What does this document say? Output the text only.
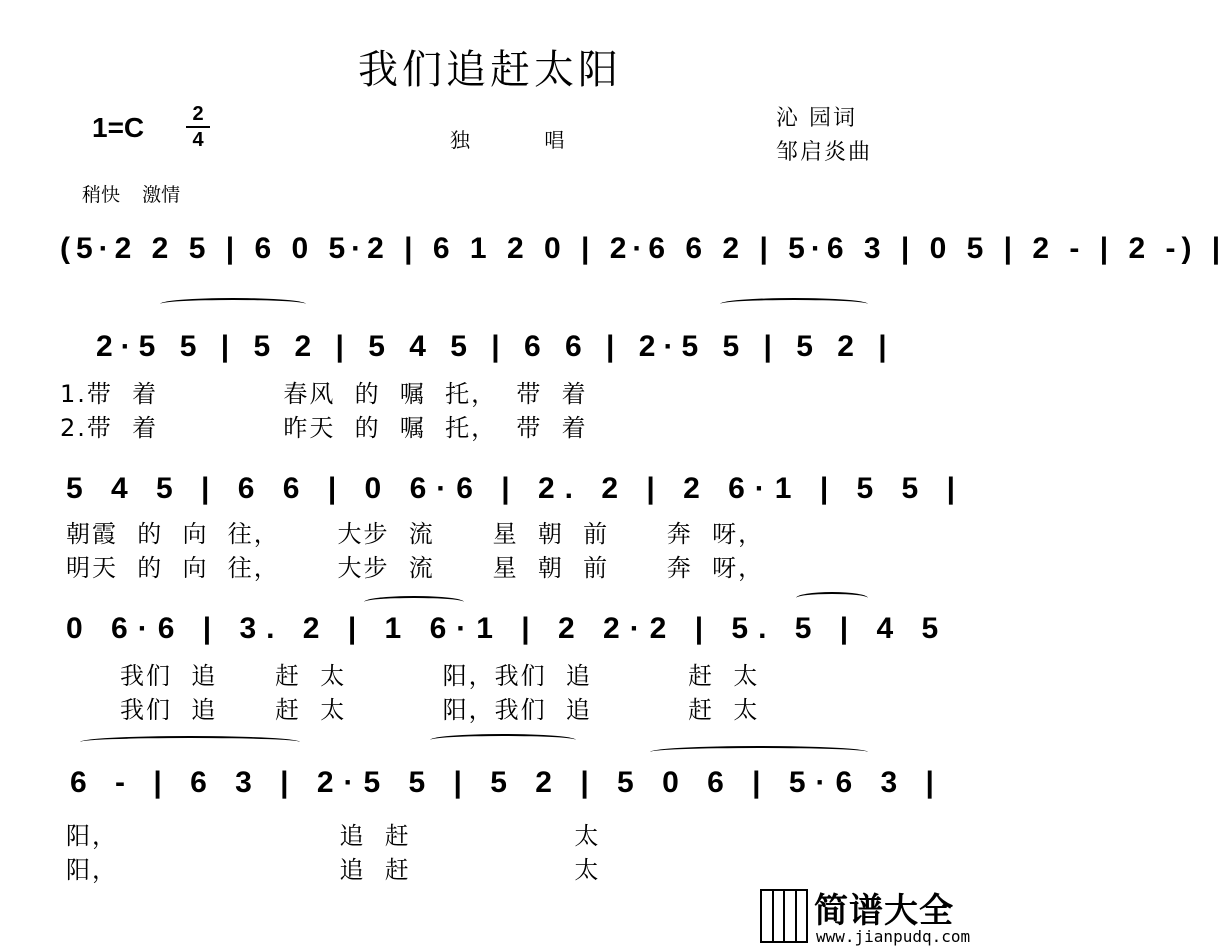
我们追赶太阳
1=C	2
4	独 唱
沁 园词
邹启炎曲
稍快 激情
(5·2 2 5 | 6 0 5·2 | 6 1 2 0 | 2·6 6 2 | 5·6 3 | 0 5 | 2 - | 2 -) |
2·5 5 | 5 2 | 5 4 5 | 6 6 | 2·5 5 | 5 2 |
1.带  着             春风  的  嘱  托，  带  着
2.带  着             昨天  的  嘱  托，  带  着
5 4 5 | 6 6 | 0 6·6 | 2. 2 | 2 6·1 | 5 5 |
朝霞  的  向  往，      大步  流      星  朝  前      奔  呀，
明天  的  向  往，      大步  流      星  朝  前      奔  呀，
0 6·6 | 3. 2 | 1 6·1 | 2 2·2 | 5. 5 | 4 5
我们  追      赶  太          阳，我们  追          赶  太
我们  追      赶  太          阳，我们  追          赶  太
6 - | 6 3 | 2·5 5 | 5 2 | 5 0 6 | 5·6 3 |
阳，                       追  赶                 太
阳，                       追  赶                 太
简谱大全
www.jianpudq.com
